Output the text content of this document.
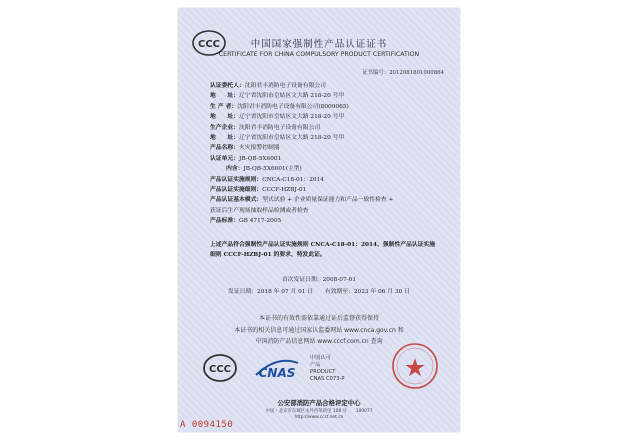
CCC	中国国家强制性产品认证证书
CERTIFICATE FOR CHINA COMPULSORY PRODUCT CERTIFICATION
证书编号：2012081801000864
认证委托人： 沈阳君丰消防电子设备有限公司
地　　址： 辽宁省沈阳市皇姑区文大路 218-20 号甲
生 产 者： 沈阳君丰消防电子设备有限公司(8000065)
地　　址： 辽宁省沈阳市皇姑区文大路 218-20 号甲
生产企业： 沈阳君丰消防电子设备有限公司
地　　址： 辽宁省沈阳市皇姑区文大路 218-20 号甲
产品名称： 火灾报警控制器
认证单元： JB-QB-5X6001
内含： JB-QB-5X6001(主型)
产品认证实施规则： CNCA-C18-01：2014
产品认证实施细则： CCCF-HZBJ-01
产品认证基本模式： 型式试验 + 企业质量保证能力和产品一致性检查 +
获证后生产现场抽取样品检测或者检查
产品标准： GB 4717-2005
上述产品符合强制性产品认证实施规则 CNCA-C18-01：2014、强制性产品认证实施细则 CCCF-HZBJ-01 的要求，特发此证。
首次发证日期：2008-07-01
发证日期：2018 年 07 月 01 日 有效期至：2023 年 06 月 30 日
本证书的有效性需依靠通过证后监督获得保持
本证书的相关信息可通过国家认监委网站 www.cnca.gov.cn 和
中国消防产品信息网站 www.cccf.com.cn 查询
CCC CNAS
中国认可
产品
PRODUCT
CNAS C073-P
公安部消防产品合格评定中心
中国・北京市东城区永外西革新里 108 号　　100077
http://www.cccf.net.cn
A 0094150
